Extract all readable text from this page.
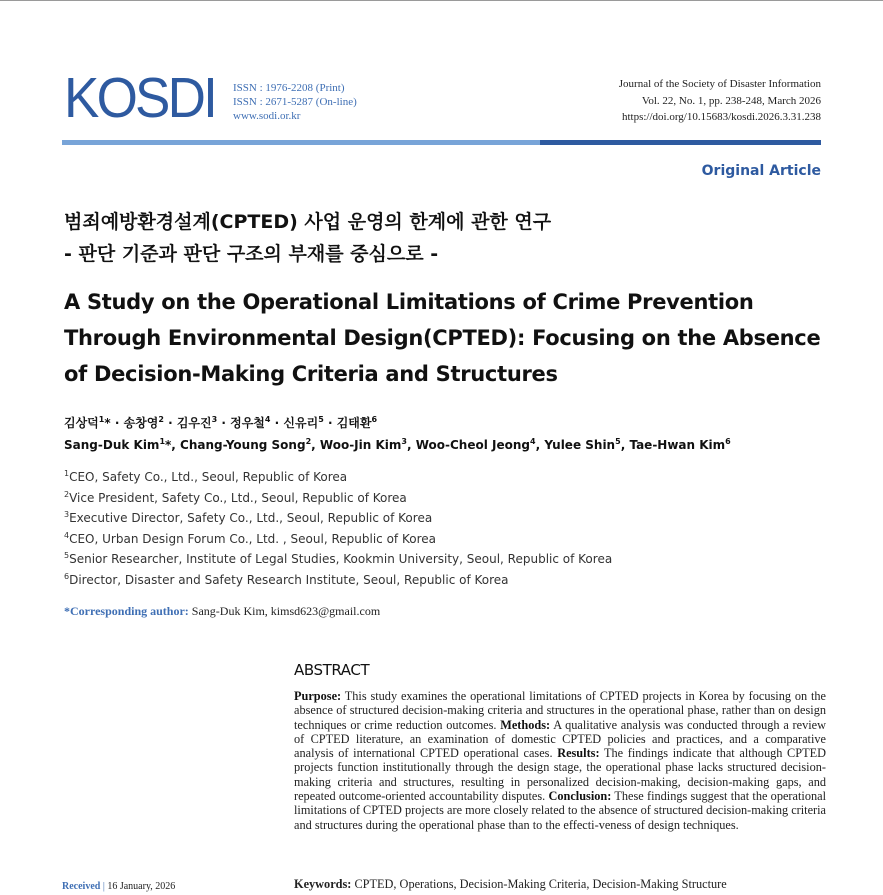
KOSDI ISSN : 1976-2208 (Print)
ISSN : 2671-5287 (On-line)
www.sodi.or.kr
Journal of the Society of Disaster Information
Vol. 22, No. 1, pp. 238-248, March 2026
https://doi.org/10.15683/kosdi.2026.3.31.238
Original Article
범죄예방환경설계(CPTED) 사업 운영의 한계에 관한 연구
- 판단 기준과 판단 구조의 부재를 중심으로 -
A Study on the Operational Limitations of Crime Prevention Through Environmental Design(CPTED): Focusing on the Absence of Decision-Making Criteria and Structures
김상덕$^1$* · 송창영$^2$ · 김우진$^3$ · 정우철$^4$ · 신유리$^5$ · 김태환$^6$
Sang-Duk Kim$^1$*, Chang-Young Song$^2$, Woo-Jin Kim$^3$, Woo-Cheol Jeong$^4$, Yulee Shin$^5$, Tae-Hwan Kim$^6$
$^1$CEO, Safety Co., Ltd., Seoul, Republic of Korea
$^2$Vice President, Safety Co., Ltd., Seoul, Republic of Korea
$^3$Executive Director, Safety Co., Ltd., Seoul, Republic of Korea
$^4$CEO, Urban Design Forum Co., Ltd. , Seoul, Republic of Korea
$^5$Senior Researcher, Institute of Legal Studies, Kookmin University, Seoul, Republic of Korea
$^6$Director, Disaster and Safety Research Institute, Seoul, Republic of Korea
*Corresponding author: Sang-Duk Kim, kimsd623@gmail.com
ABSTRACT
Purpose: This study examines the operational limitations of CPTED projects in Korea by focusing on the absence of structured decision-making criteria and structures in the operational phase, rather than on design techniques or crime reduction outcomes. Methods: A qualitative analysis was conducted through a review of CPTED literature, an examination of domestic CPTED policies and practices, and a comparative analysis of international CPTED operational cases. Results: The findings indicate that although CPTED projects function institutionally through the design stage, the operational phase lacks structured decision-making criteria and structures, resulting in personalized decision-making, decision-making gaps, and repeated outcome-oriented accountability disputes. Conclusion: These findings suggest that the operational limitations of CPTED projects are more closely related to the absence of structured decision-making criteria and structures during the operational phase than to the effecti-veness of design techniques.
Keywords: CPTED, Operations, Decision-Making Criteria, Decision-Making Structure
Received | 16 January, 2026
